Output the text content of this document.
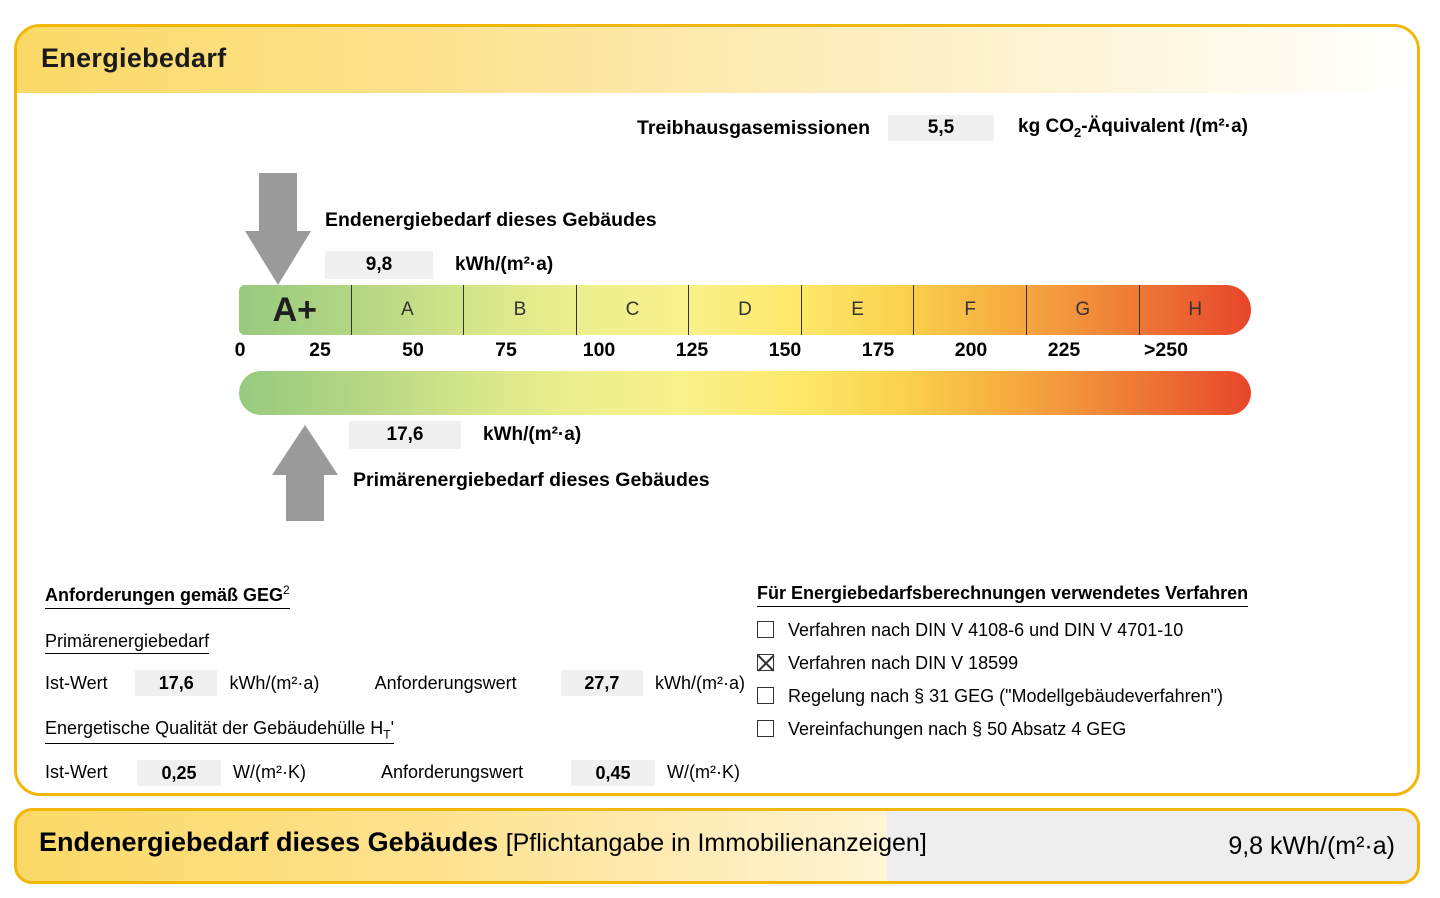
Energiebedarf
Treibhausgasemissionen	5,5	kg $CO_2$-Äquivalent /(m²·a)
Endenergiebedarf dieses Gebäudes
9,8	kWh/(m²·a)
A+	A	B	C	D	E	F	G	H
0	25	50	75	100	125	150	175	200	225	>250
17,6	kWh/(m²·a)
Primärenergiebedarf dieses Gebäudes
Anforderungen gemäß GEG$^2$
Primärenergiebedarf
Ist-Wert	17,6	kWh/(m²·a)	Anforderungswert	27,7	kWh/(m²·a)
Energetische Qualität der Gebäudehülle $H_T'$
Ist-Wert	0,25	W/(m²·K)	Anforderungswert	0,45	W/(m²·K)
Für Energiebedarfsberechnungen verwendetes Verfahren
Verfahren nach DIN V 4108-6 und DIN V 4701-10
Verfahren nach DIN V 18599
Regelung nach § 31 GEG ("Modellgebäudeverfahren")
Vereinfachungen nach § 50 Absatz 4 GEG
9,8 kWh/(m²·a)
Endenergiebedarf dieses Gebäudes [Pflichtangabe in Immobilienanzeigen]
